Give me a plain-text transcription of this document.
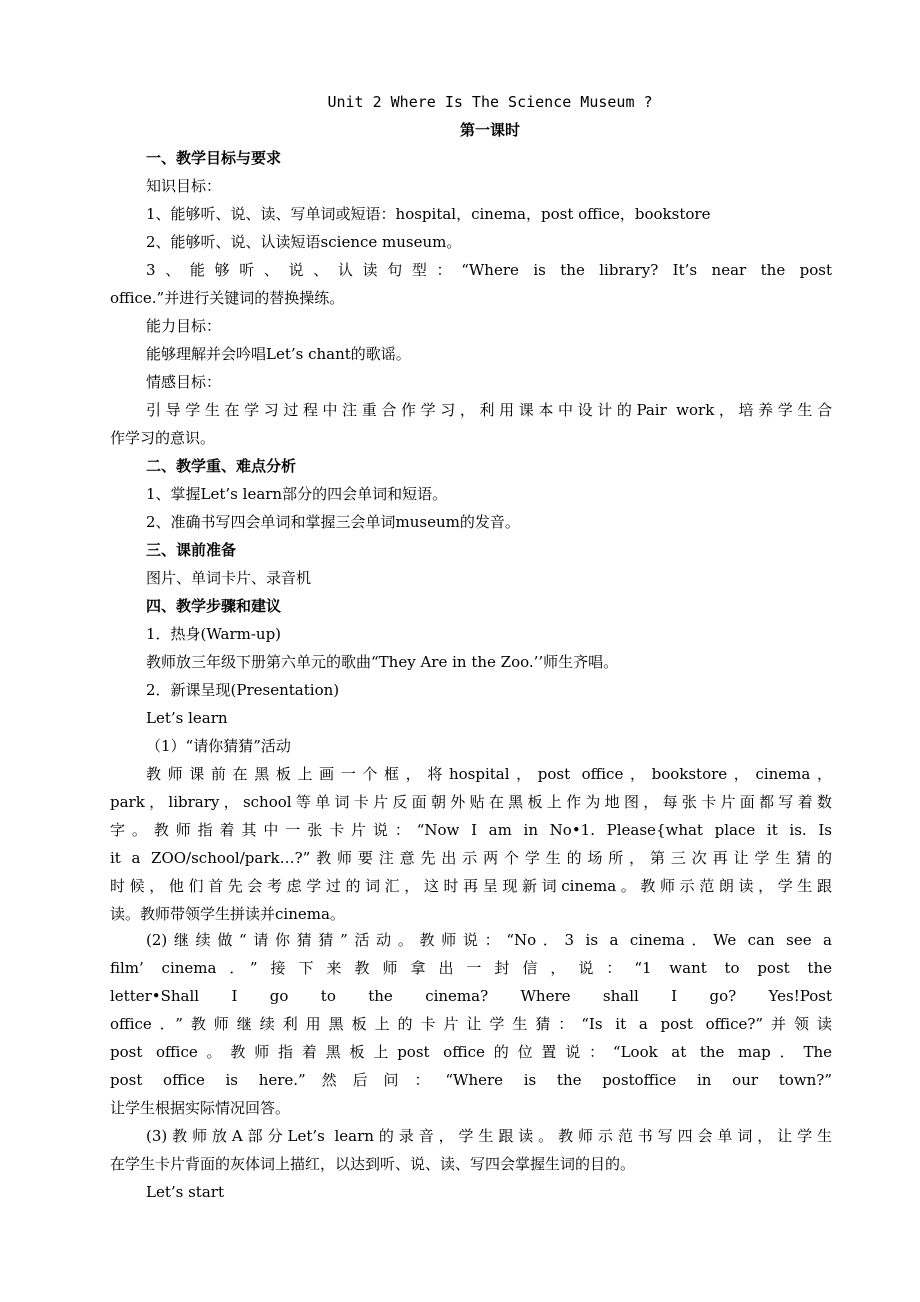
Unit 2 Where Is The Science Museum ?
第一课时
一、教学目标与要求
知识目标：
1、能够听、说、读、写单词或短语：hospital，cinema，post office，bookstore
2、能够听、说、认读短语science museum。
3、能够听、说、认读句型：“Where is the library? It’s near the post
office.”并进行关键词的替换操练。
能力目标：
能够理解并会吟唱Let’s chant的歌谣。
情感目标：
引导学生在学习过程中注重合作学习，利用课本中设计的Pair work，培养学生合
作学习的意识。
二、教学重、难点分析
1、掌握Let’s learn部分的四会单词和短语。
2、准确书写四会单词和掌握三会单词museum的发音。
三、课前准备
图片、单词卡片、录音机
四、教学步骤和建议
1．热身(Warm-up)
教师放三年级下册第六单元的歌曲“They Are in the Zoo.’’师生齐唱。
2．新课呈现(Presentation)
Let’s learn
（1）“请你猜猜”活动
教师课前在黑板上画一个框，将hospital，post office，bookstore，cinema，
park，library，school等单词卡片反面朝外贴在黑板上作为地图，每张卡片面都写着数
字。教师指着其中一张卡片说：“Now I am in No•1. Please{what place it is. Is
it a ZOO/school/park…?”教师要注意先出示两个学生的场所，第三次再让学生猜的
时候，他们首先会考虑学过的词汇，这时再呈现新词cinema。教师示范朗读，学生跟
读。教师带领学生拼读并cinema。
(2)继续做“请你猜猜”活动。教师说：“No．3 is a cinema．We can see a
film’ cinema．”接下来教师拿出一封信，说：“1 want to post the
letter•Shall I go to the cinema? Where shall I go? Yes!Post
office．”教师继续利用黑板上的卡片让学生猜：“Is it a post office?”并领读
post office。教师指着黑板上post office的位置说：“Look at the map．The
post office is here.”然后问：“Where is the postoffice in our town?”
让学生根据实际情况回答。
(3)教师放A部分Let’s learn的录音，学生跟读。教师示范书写四会单词，让学生
在学生卡片背面的灰体词上描红，以达到听、说、读、写四会掌握生词的目的。
Let’s start
